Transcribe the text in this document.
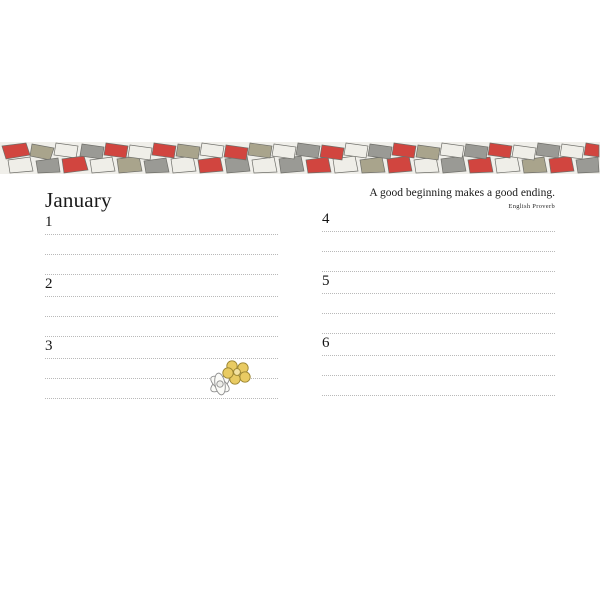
January
1
2
3
A good beginning makes a good ending.
English Proverb
4
5
6
